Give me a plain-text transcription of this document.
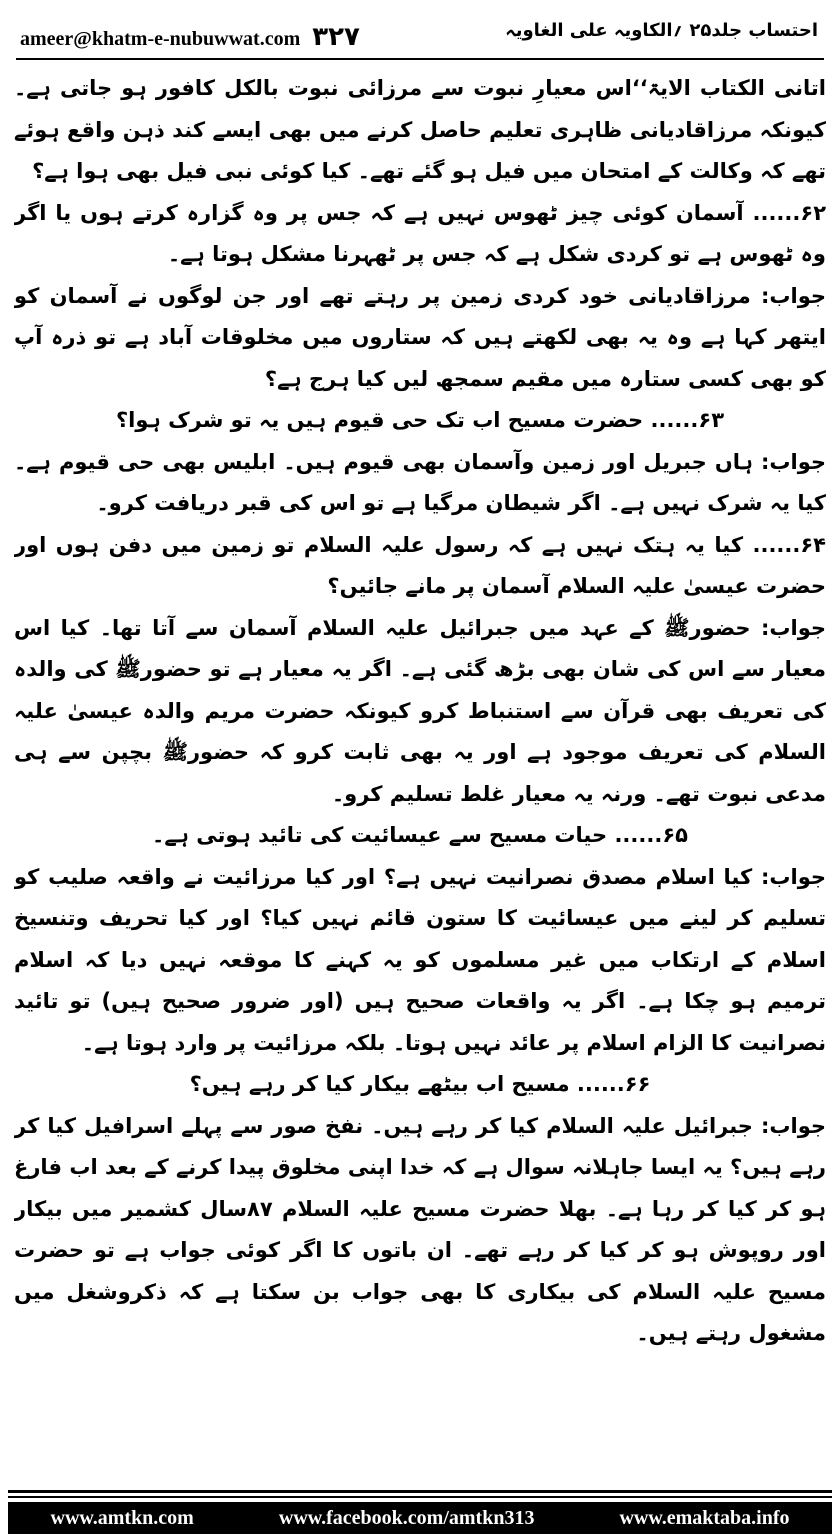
ameer@khatm-e-nubuwwat.com ۳۲۷	احتساب جلد۲۵ ؍الکاویہ علی الغاویہ

اتانی الکتاب الایۃ‘‘اس معیارِ نبوت سے مرزائی نبوت بالکل کافور ہو جاتی ہے۔ کیونکہ مرزاقادیانی ظاہری تعلیم حاصل کرنے میں بھی ایسے کند ذہن واقع ہوئے تھے کہ وکالت کے امتحان میں فیل ہو گئے تھے۔ کیا کوئی نبی فیل بھی ہوا ہے؟

۶۲...... آسمان کوئی چیز ٹھوس نہیں ہے کہ جس پر وہ گزارہ کرتے ہوں یا اگر وہ ٹھوس ہے تو کردی شکل ہے کہ جس پر ٹھہرنا مشکل ہوتا ہے۔

جواب: مرزاقادیانی خود کردی زمین پر رہتے تھے اور جن لوگوں نے آسمان کو ایتھر کہا ہے وہ یہ بھی لکھتے ہیں کہ ستاروں میں مخلوقات آباد ہے تو ذرہ آپ کو بھی کسی ستارہ میں مقیم سمجھ لیں کیا ہرج ہے؟

۶۳...... حضرت مسیح اب تک حی قیوم ہیں یہ تو شرک ہوا؟

جواب: ہاں جبریل اور زمین وآسمان بھی قیوم ہیں۔ ابلیس بھی حی قیوم ہے۔ کیا یہ شرک نہیں ہے۔ اگر شیطان مرگیا ہے تو اس کی قبر دریافت کرو۔

۶۴...... کیا یہ ہتک نہیں ہے کہ رسول علیہ السلام تو زمین میں دفن ہوں اور حضرت عیسیٰ علیہ السلام آسمان پر مانے جائیں؟

جواب: حضورﷺ کے عہد میں جبرائیل علیہ السلام آسمان سے آتا تھا۔ کیا اس معیار سے اس کی شان بھی بڑھ گئی ہے۔ اگر یہ معیار ہے تو حضورﷺ کی والدہ کی تعریف بھی قرآن سے استنباط کرو کیونکہ حضرت مریم والدہ عیسیٰ علیہ السلام کی تعریف موجود ہے اور یہ بھی ثابت کرو کہ حضورﷺ بچپن سے ہی مدعی نبوت تھے۔ ورنہ یہ معیار غلط تسلیم کرو۔

۶۵...... حیات مسیح سے عیسائیت کی تائید ہوتی ہے۔

جواب: کیا اسلام مصدق نصرانیت نہیں ہے؟ اور کیا مرزائیت نے واقعہ صلیب کو تسلیم کر لینے میں عیسائیت کا ستون قائم نہیں کیا؟ اور کیا تحریف وتنسیخ اسلام کے ارتکاب میں غیر مسلموں کو یہ کہنے کا موقعہ نہیں دیا کہ اسلام ترمیم ہو چکا ہے۔ اگر یہ واقعات صحیح ہیں (اور ضرور صحیح ہیں) تو تائید نصرانیت کا الزام اسلام پر عائد نہیں ہوتا۔ بلکہ مرزائیت پر وارد ہوتا ہے۔

۶۶...... مسیح اب بیٹھے بیکار کیا کر رہے ہیں؟

جواب: جبرائیل علیہ السلام کیا کر رہے ہیں۔ نفخ صور سے پہلے اسرافیل کیا کر رہے ہیں؟ یہ ایسا جاہلانہ سوال ہے کہ خدا اپنی مخلوق پیدا کرنے کے بعد اب فارغ ہو کر کیا کر رہا ہے۔ بھلا حضرت مسیح علیہ السلام ۸۷سال کشمیر میں بیکار اور روپوش ہو کر کیا کر رہے تھے۔ ان باتوں کا اگر کوئی جواب ہے تو حضرت مسیح علیہ السلام کی بیکاری کا بھی جواب بن سکتا ہے کہ ذکروشغل میں مشغول رہتے ہیں۔

www.amtkn.com	www.facebook.com/amtkn313	www.emaktaba.info
